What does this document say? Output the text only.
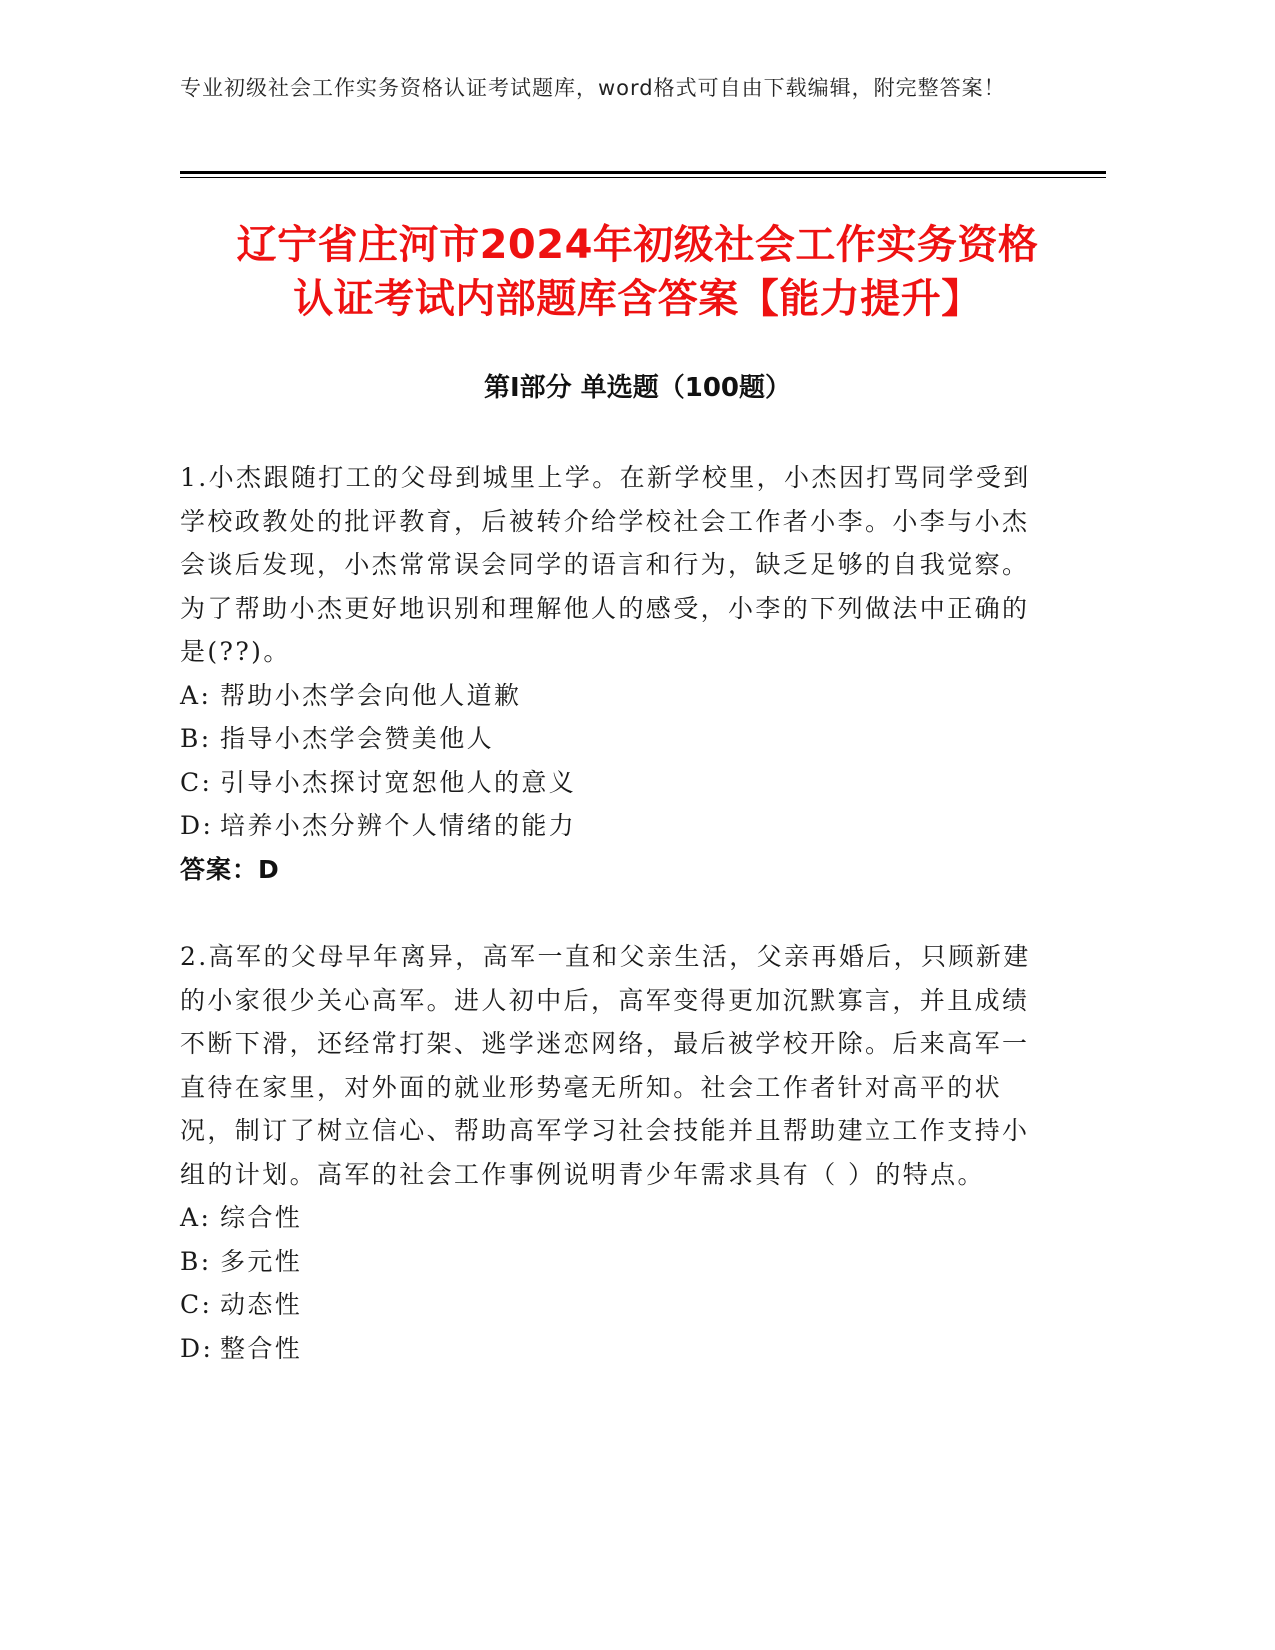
专业初级社会工作实务资格认证考试题库，word格式可自由下载编辑，附完整答案！
辽宁省庄河市2024年初级社会工作实务资格
认证考试内部题库含答案【能力提升】
第Ⅰ部分 单选题（100题）
1.小杰跟随打工的父母到城里上学。在新学校里，小杰因打骂同学受到学校政教处的批评教育，后被转介给学校社会工作者小李。小李与小杰会谈后发现，小杰常常误会同学的语言和行为，缺乏足够的自我觉察。为了帮助小杰更好地识别和理解他人的感受，小李的下列做法中正确的是(??)。
A: 帮助小杰学会向他人道歉
B: 指导小杰学会赞美他人
C: 引导小杰探讨宽恕他人的意义
D: 培养小杰分辨个人情绪的能力
答案：D
2.高军的父母早年离异，高军一直和父亲生活，父亲再婚后，只顾新建的小家很少关心高军。进人初中后，高军变得更加沉默寡言，并且成绩不断下滑，还经常打架、逃学迷恋网络，最后被学校开除。后来高军一直待在家里，对外面的就业形势毫无所知。社会工作者针对高平的状况，制订了树立信心、帮助高军学习社会技能并且帮助建立工作支持小组的计划。高军的社会工作事例说明青少年需求具有（ ）的特点。
A: 综合性
B: 多元性
C: 动态性
D: 整合性
